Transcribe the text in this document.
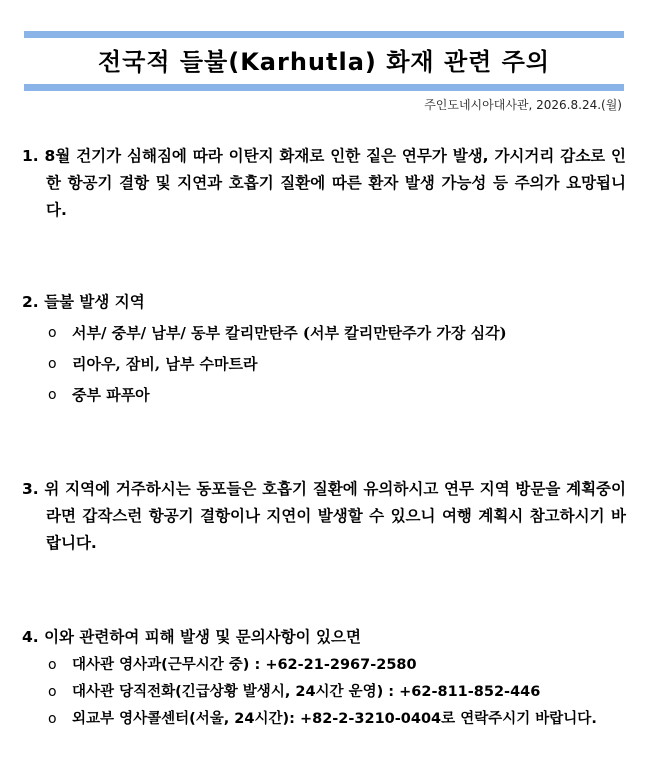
전국적 들불(Karhutla) 화재 관련 주의
주인도네시아대사관, 2026.8.24.(월)
1. 8월 건기가 심해짐에 따라 이탄지 화재로 인한 짙은 연무가 발생, 가시거리 감소로 인한 항공기 결항 및 지연과 호흡기 질환에 따른 환자 발생 가능성 등 주의가 요망됩니다.
2. 들불 발생 지역
o	서부/ 중부/ 남부/ 동부 칼리만탄주 (서부 칼리만탄주가 가장 심각)
o	리아우, 잠비, 남부 수마트라
o	중부 파푸아
3. 위 지역에 거주하시는 동포들은 호흡기 질환에 유의하시고 연무 지역 방문을 계획중이라면 갑작스런 항공기 결항이나 지연이 발생할 수 있으니 여행 계획시 참고하시기 바랍니다.
4. 이와 관련하여 피해 발생 및 문의사항이 있으면
o	대사관 영사과(근무시간 중) : +62-21-2967-2580
o	대사관 당직전화(긴급상황 발생시, 24시간 운영) : +62-811-852-446
o	외교부 영사콜센터(서울, 24시간): +82-2-3210-0404로 연락주시기 바랍니다.
